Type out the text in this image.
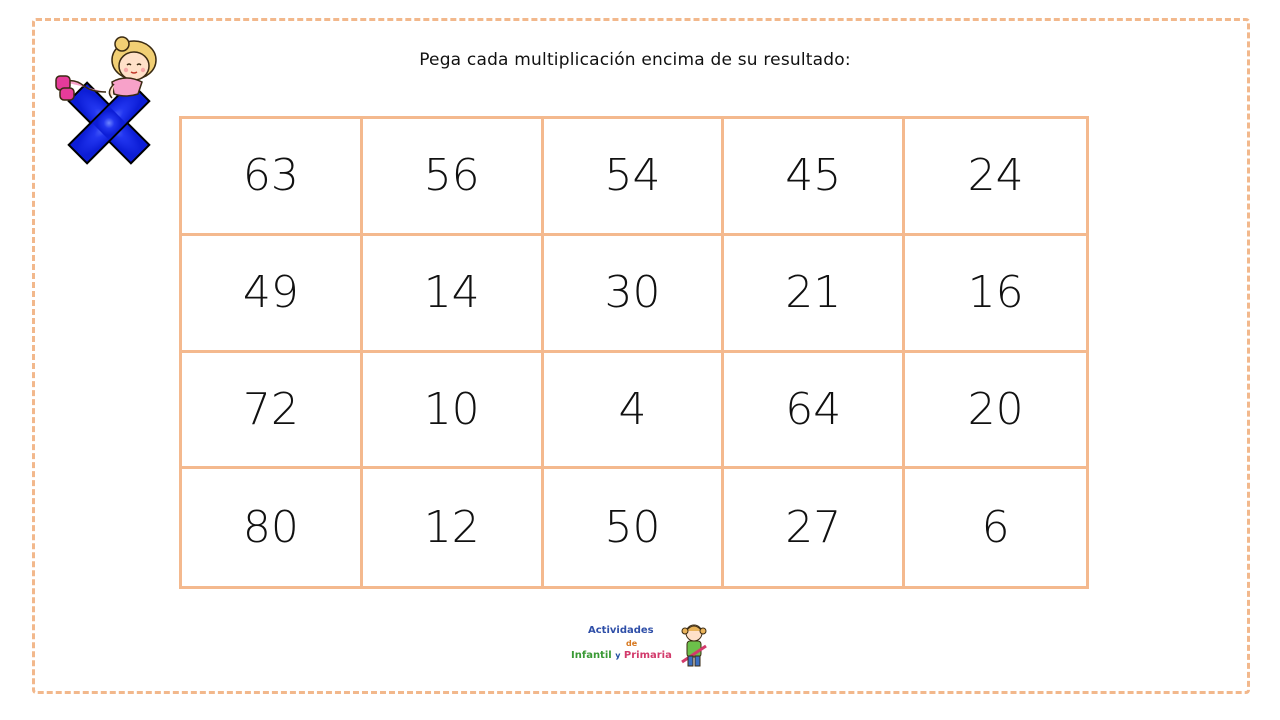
Pega cada multiplicación encima de su resultado:
63	56	54	45	24
49	14	30	21	16
72	10	4	64	20
80	12	50	27	6
Actividades
de
Infantil y Primaria
